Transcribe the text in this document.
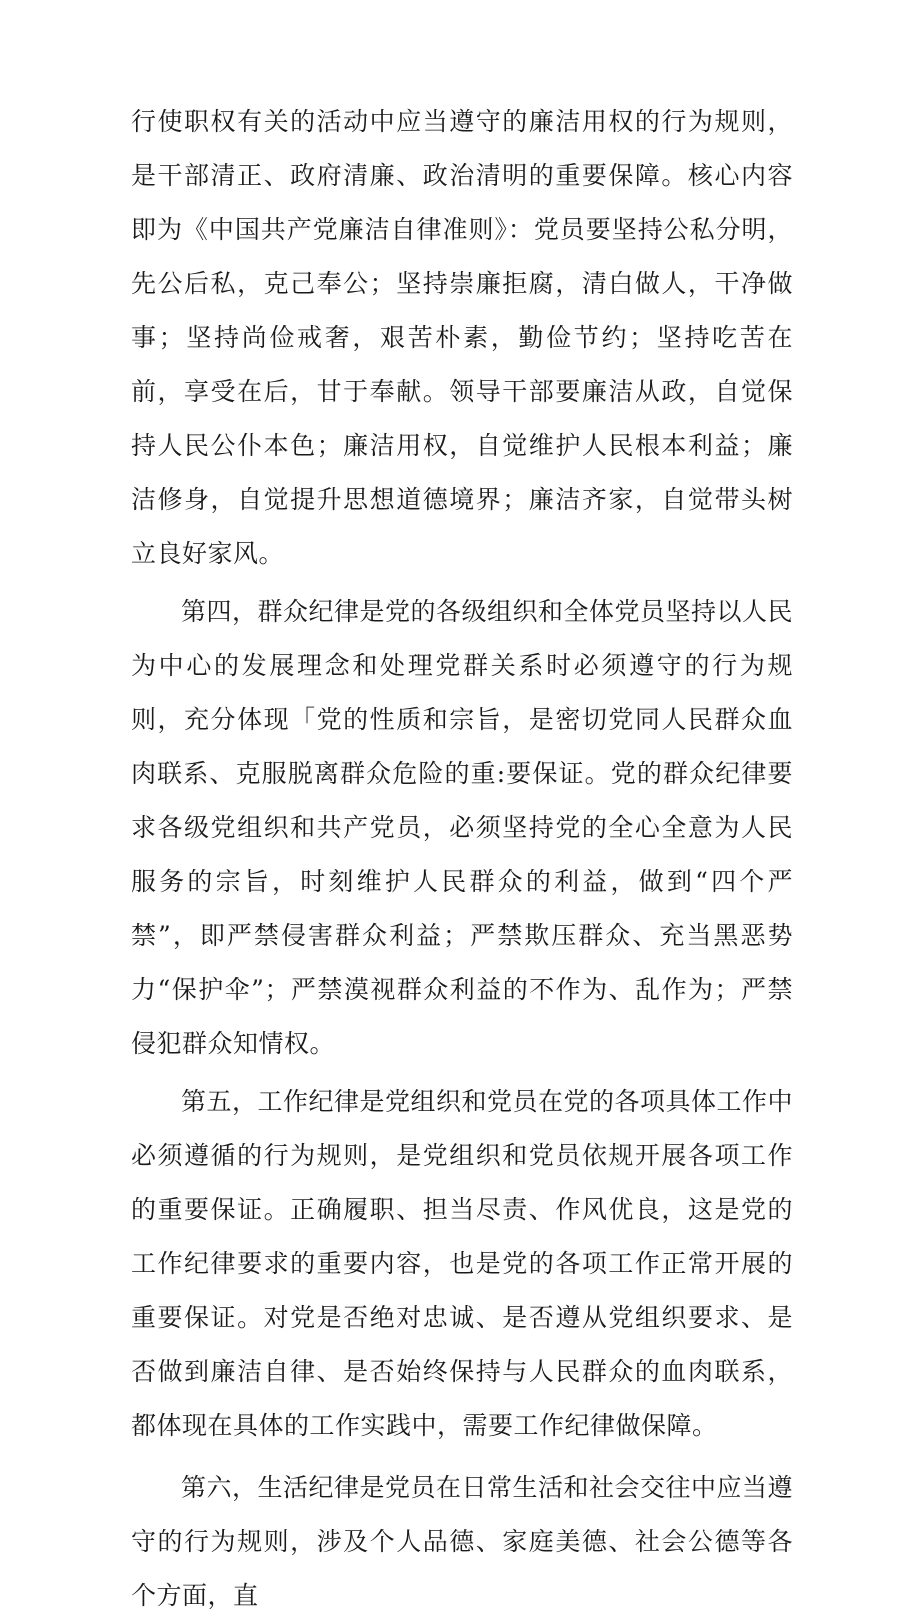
行使职权有关的活动中应当遵守的廉洁用权的行为规则，是干部清正、政府清廉、政治清明的重要保障。核心内容即为《中国共产党廉洁自律准则》：党员要坚持公私分明，先公后私，克己奉公；坚持崇廉拒腐，清白做人，干净做事；坚持尚俭戒奢，艰苦朴素，勤俭节约；坚持吃苦在前，享受在后，甘于奉献。领导干部要廉洁从政，自觉保持人民公仆本色；廉洁用权，自觉维护人民根本利益；廉洁修身，自觉提升思想道德境界；廉洁齐家，自觉带头树立良好家风。

第四，群众纪律是党的各级组织和全体党员坚持以人民为中心的发展理念和处理党群关系时必须遵守的行为规则，充分体现「党的性质和宗旨，是密切党同人民群众血肉联系、克服脱离群众危险的重:要保证。党的群众纪律要求各级党组织和共产党员，必须坚持党的全心全意为人民服务的宗旨，时刻维护人民群众的利益，做到“四个严禁”，即严禁侵害群众利益；严禁欺压群众、充当黑恶势力“保护伞”；严禁漠视群众利益的不作为、乱作为；严禁侵犯群众知情权。

第五，工作纪律是党组织和党员在党的各项具体工作中必须遵循的行为规则，是党组织和党员依规开展各项工作的重要保证。正确履职、担当尽责、作风优良，这是党的工作纪律要求的重要内容，也是党的各项工作正常开展的重要保证。对党是否绝对忠诚、是否遵从党组织要求、是否做到廉洁自律、是否始终保持与人民群众的血肉联系，都体现在具体的工作实践中，需要工作纪律做保障。

第六，生活纪律是党员在日常生活和社会交往中应当遵守的行为规则，涉及个人品德、家庭美德、社会公德等各个方面，直
